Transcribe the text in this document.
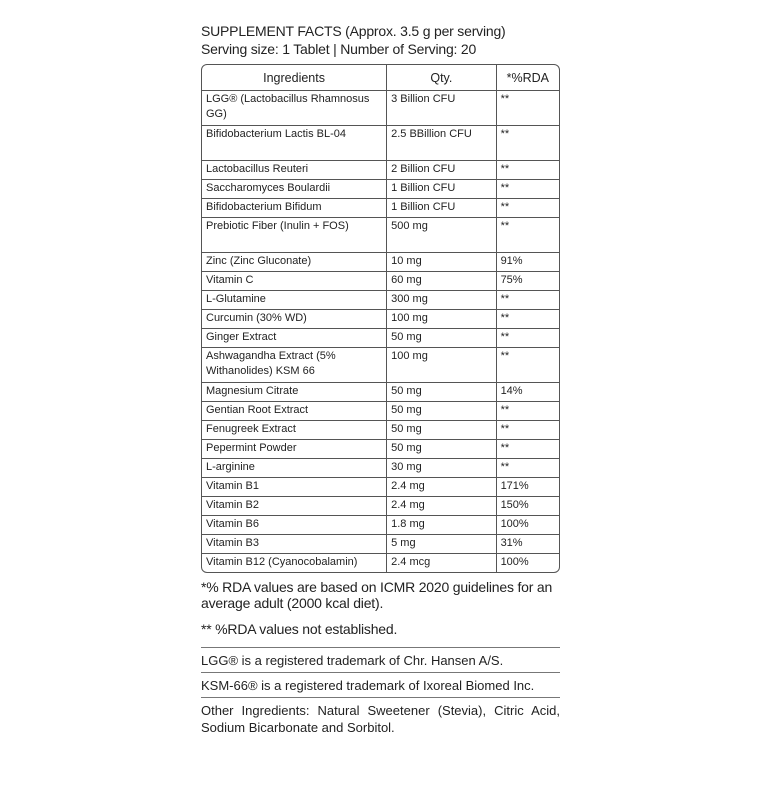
SUPPLEMENT FACTS (Approx. 3.5 g per serving)
Serving size: 1 Tablet | Number of Serving: 20
Ingredients	Qty.	*%RDA
LGG® (Lactobacillus Rhamnosus GG)	3 Billion CFU	**
Bifidobacterium Lactis BL-04	2.5 BBillion CFU	**
Lactobacillus Reuteri	2 Billion CFU	**
Saccharomyces Boulardii	1 Billion CFU	**
Bifidobacterium Bifidum	1 Billion CFU	**
Prebiotic Fiber (Inulin + FOS)	500 mg	**
Zinc (Zinc Gluconate)	10 mg	91%
Vitamin C	60 mg	75%
L-Glutamine	300 mg	**
Curcumin (30% WD)	100 mg	**
Ginger Extract	50 mg	**
Ashwagandha Extract (5% Withanolides) KSM 66	100 mg	**
Magnesium Citrate	50 mg	14%
Gentian Root Extract	50 mg	**
Fenugreek Extract	50 mg	**
Pepermint Powder	50 mg	**
L-arginine	30 mg	**
Vitamin B1	2.4 mg	171%
Vitamin B2	2.4 mg	150%
Vitamin B6	1.8 mg	100%
Vitamin B3	5 mg	31%
Vitamin B12 (Cyanocobalamin)	2.4 mcg	100%

*% RDA values are based on ICMR 2020 guidelines for an average adult (2000 kcal diet).

** %RDA values not established.

LGG® is a registered trademark of Chr. Hansen A/S.
KSM-66® is a registered trademark of Ixoreal Biomed Inc.
Other Ingredients: Natural Sweetener (Stevia), Citric Acid, Sodium Bicarbonate and Sorbitol.
